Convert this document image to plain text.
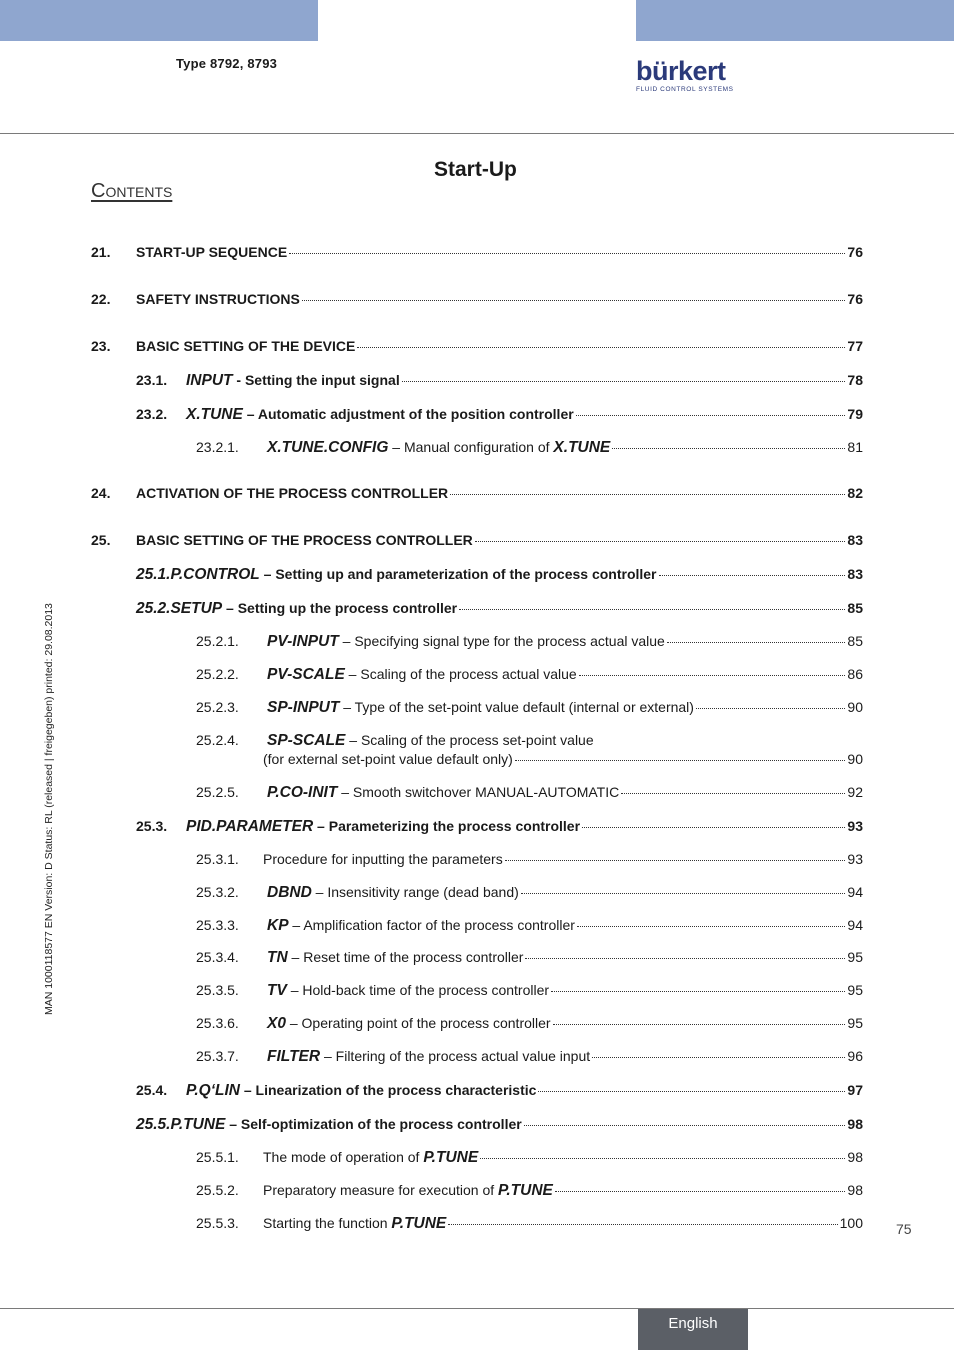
Type 8792, 8793	bürkert
FLUID CONTROL SYSTEMS
Start-Up
Contents
MAN 1000118577 EN Version: D Status: RL (released | freigegeben) printed: 29.08.2013
21.	START-UP SEQUENCE	76
22.	SAFETY INSTRUCTIONS	76
23.	BASIC SETTING OF THE DEVICE	77
23.1.	INPUT - Setting the input signal	78
23.2.	X.TUNE – Automatic adjustment of the position controller	79
23.2.1.	X.TUNE.CONFIG – Manual configuration of X.TUNE	81
24.	ACTIVATION OF THE PROCESS CONTROLLER	82
25.	BASIC SETTING OF THE PROCESS CONTROLLER	83
25.1.P.CONTROL – Setting up and parameterization of the process controller	83
25.2.SETUP – Setting up the process controller	85
25.2.1.	PV-INPUT – Specifying signal type for the process actual value	85
25.2.2.	PV-SCALE – Scaling of the process actual value	86
25.2.3.	SP-INPUT – Type of the set-point value default (internal or external)	90
25.2.4.	SP-SCALE – Scaling of the process set-point value
(for external set-point value default only)	90
25.2.5.	P.CO-INIT – Smooth switchover MANUAL-AUTOMATIC	92
25.3.	PID.PARAMETER – Parameterizing the process controller	93
25.3.1.	Procedure for inputting the parameters	93
25.3.2.	DBND – Insensitivity range (dead band)	94
25.3.3.	KP – Amplification factor of the process controller	94
25.3.4.	TN – Reset time of the process controller	95
25.3.5.	TV – Hold-back time of the process controller	95
25.3.6.	X0 – Operating point of the process controller	95
25.3.7.	FILTER – Filtering of the process actual value input	96
25.4.	P.Q‘LIN – Linearization of the process characteristic	97
25.5.P.TUNE – Self-optimization of the process controller	98
25.5.1.	The mode of operation of P.TUNE	98
25.5.2.	Preparatory measure for execution of P.TUNE	98
25.5.3.	Starting the function P.TUNE	100 75
English
